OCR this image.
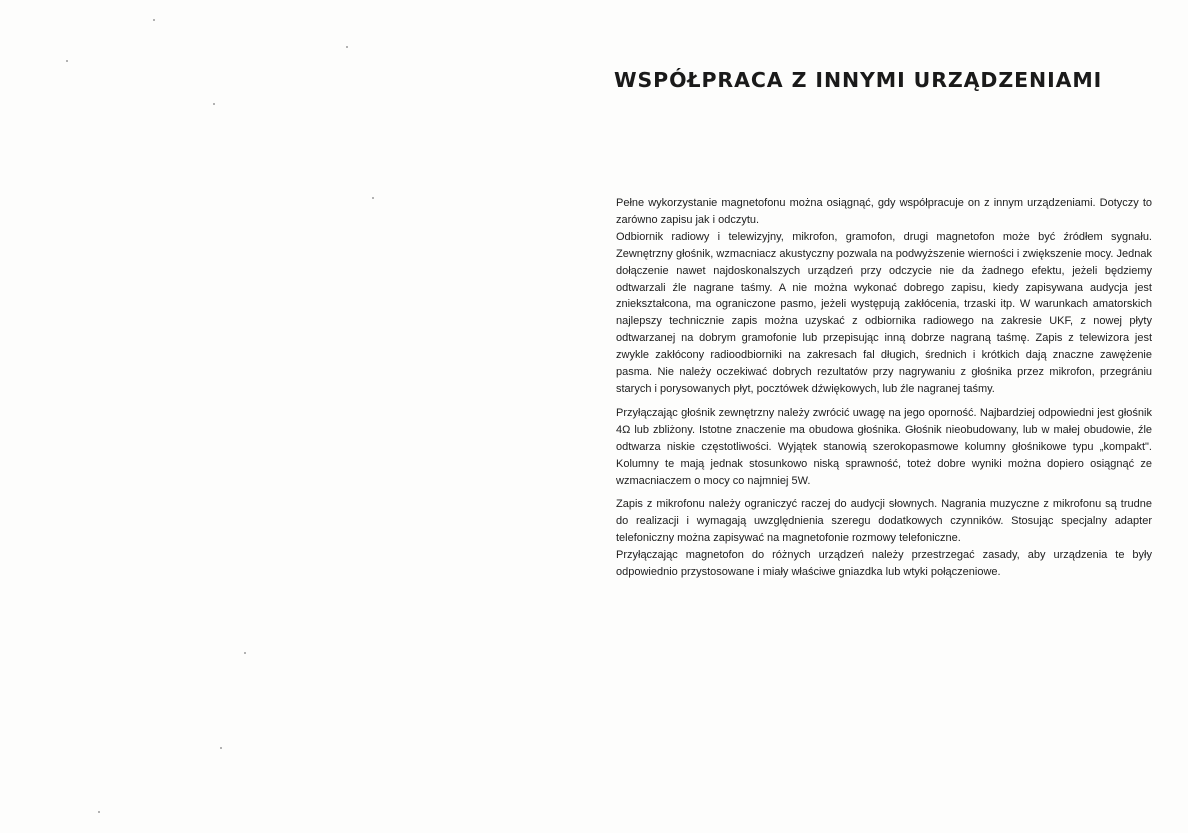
WSPÓŁPRACA Z INNYMI URZĄDZENIAMI

Pełne wykorzystanie magnetofonu można osiągnąć, gdy współpracuje on z innym urządzeniami. Dotyczy to zarówno zapisu jak i odczytu.

Odbiornik radiowy i telewizyjny, mikrofon, gramofon, drugi magnetofon może być źródłem sygnału. Zewnętrzny głośnik, wzmacniacz akustyczny pozwala na podwyższenie wierności i zwiększenie mocy. Jednak dołączenie nawet najdoskonalszych urządzeń przy odczycie nie da żadnego efektu, jeżeli będziemy odtwarzali źle nagrane taśmy. A nie można wykonać dobrego zapisu, kiedy zapisywana audycja jest zniekształcona, ma ograniczone pasmo, jeżeli występują zakłócenia, trzaski itp. W warunkach amatorskich najlepszy technicznie zapis można uzyskać z odbiornika radiowego na zakresie UKF, z nowej płyty odtwarzanej na dobrym gramofonie lub przepisując inną dobrze nagraną taśmę. Zapis z telewizora jest zwykle zakłócony radioodbiorniki na zakresach fal długich, średnich i krótkich dają znaczne zawężenie pasma. Nie należy oczekiwać dobrych rezultatów przy nagrywaniu z głośnika przez mikrofon, przegrániu starych i porysowanych płyt, pocztówek dźwiękowych, lub źle nagranej taśmy.

Przyłączając głośnik zewnętrzny należy zwrócić uwagę na jego oporność. Najbardziej odpowiedni jest głośnik 4Ω lub zbliżony. Istotne znaczenie ma obudowa głośnika. Głośnik nieobudowany, lub w małej obudowie, źle odtwarza niskie częstotliwości. Wyjątek stanowią szerokopasmowe kolumny głośnikowe typu „kompakt". Kolumny te mają jednak stosunkowo niską sprawność, toteż dobre wyniki można dopiero osiągnąć ze wzmacniaczem o mocy co najmniej 5W.

Zapis z mikrofonu należy ograniczyć raczej do audycji słownych. Nagrania muzyczne z mikrofonu są trudne do realizacji i wymagają uwzględnienia szeregu dodatkowych czynników. Stosując specjalny adapter telefoniczny można zapisywać na magnetofonie rozmowy telefoniczne.

Przyłączając magnetofon do różnych urządzeń należy przestrzegać zasady, aby urządzenia te były odpowiednio przystosowane i miały właściwe gniazdka lub wtyki połączeniowe.
